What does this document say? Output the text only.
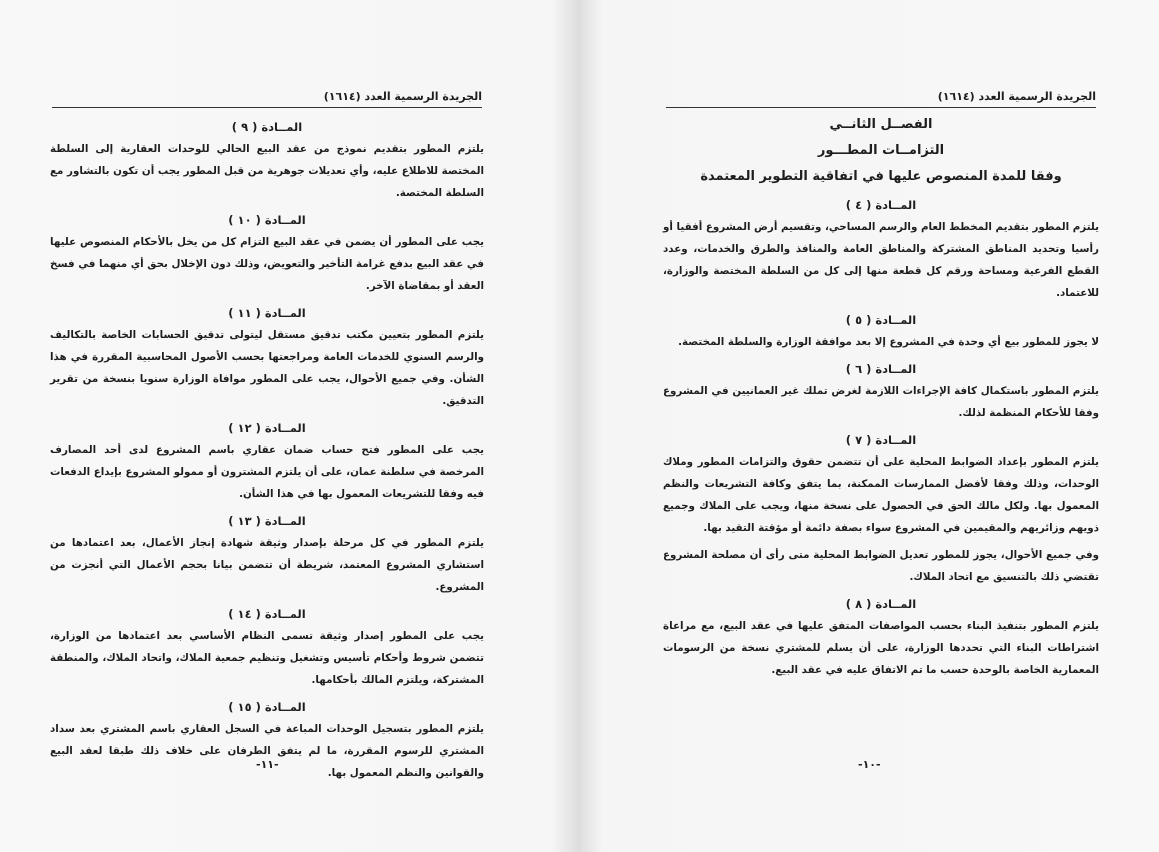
الجريدة الرسمية العدد (١٦١٤)
المــادة ( ٩ )

يلتزم المطور بتقديم نموذج من عقد البيع الحالي للوحدات العقارية إلى السلطة المختصة للاطلاع عليه، وأي تعديلات جوهرية من قبل المطور يجب أن تكون بالتشاور مع السلطة المختصة.

المــادة ( ١٠ )

يجب على المطور أن يضمن في عقد البيع التزام كل من يخل بالأحكام المنصوص عليها في عقد البيع بدفع غرامة التأخير والتعويض، وذلك دون الإخلال بحق أي منهما في فسخ العقد أو بمقاضاة الآخر.

المــادة ( ١١ )

يلتزم المطور بتعيين مكتب تدقيق مستقل ليتولى تدقيق الحسابات الخاصة بالتكاليف والرسم السنوي للخدمات العامة ومراجعتها بحسب الأصول المحاسبية المقررة في هذا الشأن. وفي جميع الأحوال، يجب على المطور موافاة الوزارة سنويا بنسخة من تقرير التدقيق.

المــادة ( ١٢ )

يجب على المطور فتح حساب ضمان عقاري باسم المشروع لدى أحد المصارف المرخصة في سلطنة عمان، على أن يلتزم المشترون أو ممولو المشروع بإيداع الدفعات فيه وفقا للتشريعات المعمول بها في هذا الشأن.

المــادة ( ١٣ )

يلتزم المطور في كل مرحلة بإصدار وثيقة شهادة إنجاز الأعمال، بعد اعتمادها من استشاري المشروع المعتمد، شريطة أن تتضمن بيانا بحجم الأعمال التي أنجزت من المشروع.

المــادة ( ١٤ )

يجب على المطور إصدار وثيقة تسمى النظام الأساسي بعد اعتمادها من الوزارة، تتضمن شروط وأحكام تأسيس وتشغيل وتنظيم جمعية الملاك، واتحاد الملاك، والمنطقة المشتركة، ويلتزم المالك بأحكامها.

المــادة ( ١٥ )

يلتزم المطور بتسجيل الوحدات المباعة في السجل العقاري باسم المشتري بعد سداد المشتري للرسوم المقررة، ما لم يتفق الطرفان على خلاف ذلك طبقا لعقد البيع والقوانين والنظم المعمول بها.

-١١-
الجريدة الرسمية العدد (١٦١٤)
الفصــل الثانــي
التزامــات المطـــور
وفقا للمدة المنصوص عليها في اتفاقية التطوير المعتمدة
المــادة ( ٤ )

يلتزم المطور بتقديم المخطط العام والرسم المساحي، وتقسيم أرض المشروع أفقيا أو رأسيا وتحديد المناطق المشتركة والمناطق العامة والمنافذ والطرق والخدمات، وعدد القطع الفرعية ومساحة ورقم كل قطعة منها إلى كل من السلطة المختصة والوزارة، للاعتماد.

المــادة ( ٥ )

لا يجوز للمطور بيع أي وحدة في المشروع إلا بعد موافقة الوزارة والسلطة المختصة.

المــادة ( ٦ )

يلتزم المطور باستكمال كافة الإجراءات اللازمة لغرض تملك غير العمانيين في المشروع وفقا للأحكام المنظمة لذلك.

المــادة ( ٧ )

يلتزم المطور بإعداد الضوابط المحلية على أن تتضمن حقوق والتزامات المطور وملاك الوحدات، وذلك وفقا لأفضل الممارسات الممكنة، بما يتفق وكافة التشريعات والنظم المعمول بها. ولكل مالك الحق في الحصول على نسخة منها، ويجب على الملاك وجميع ذويهم وزائريهم والمقيمين في المشروع سواء بصفة دائمة أو مؤقتة التقيد بها.

وفي جميع الأحوال، يجوز للمطور تعديل الضوابط المحلية متى رأى أن مصلحة المشروع تقتضي ذلك بالتنسيق مع اتحاد الملاك.

المــادة ( ٨ )

يلتزم المطور بتنفيذ البناء بحسب المواصفات المتفق عليها في عقد البيع، مع مراعاة اشتراطات البناء التي تحددها الوزارة، على أن يسلم للمشتري نسخة من الرسومات المعمارية الخاصة بالوحدة حسب ما تم الاتفاق عليه في عقد البيع.

-١٠-
